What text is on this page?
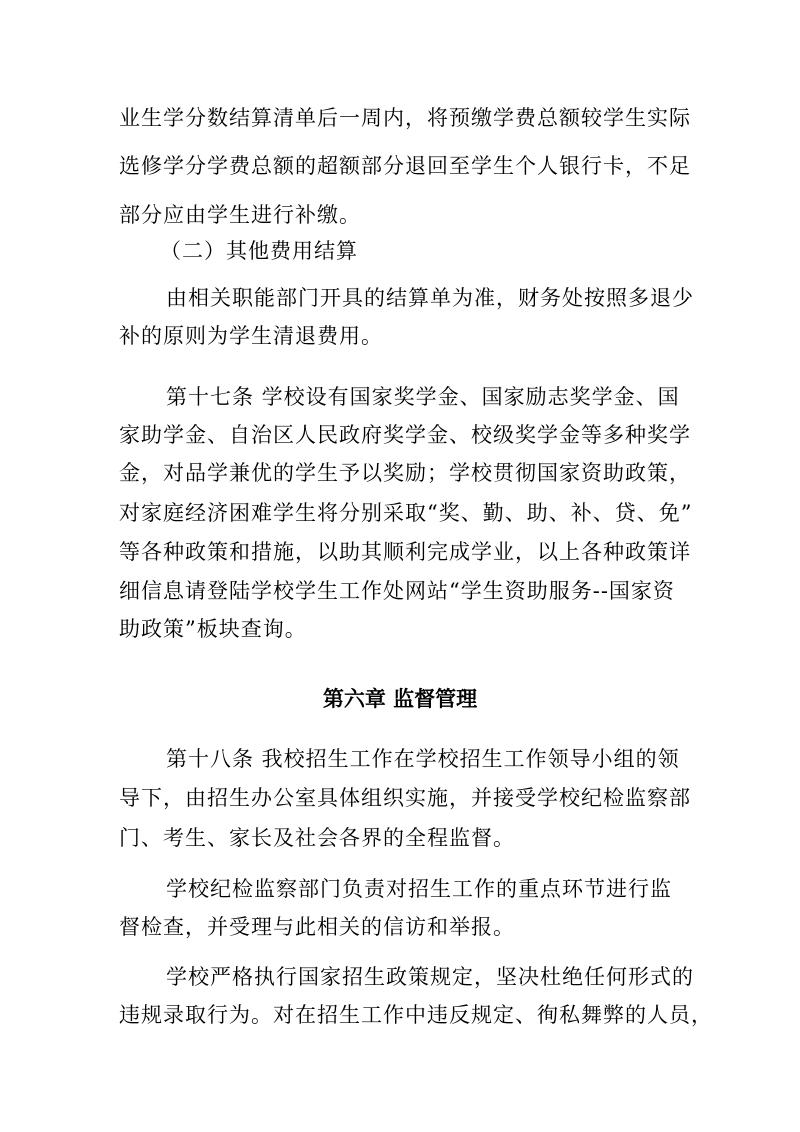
业生学分数结算清单后一周内，将预缴学费总额较学生实际
选修学分学费总额的超额部分退回至学生个人银行卡，不足
部分应由学生进行补缴。
（二）其他费用结算
由相关职能部门开具的结算单为准，财务处按照多退少
补的原则为学生清退费用。
第十七条 学校设有国家奖学金、国家励志奖学金、国
家助学金、自治区人民政府奖学金、校级奖学金等多种奖学
金，对品学兼优的学生予以奖励；学校贯彻国家资助政策，
对家庭经济困难学生将分别采取“奖、勤、助、补、贷、免”
等各种政策和措施，以助其顺利完成学业，以上各种政策详
细信息请登陆学校学生工作处网站“学生资助服务--国家资
助政策”板块查询。
第六章 监督管理
第十八条 我校招生工作在学校招生工作领导小组的领
导下，由招生办公室具体组织实施，并接受学校纪检监察部
门、考生、家长及社会各界的全程监督。
学校纪检监察部门负责对招生工作的重点环节进行监
督检查，并受理与此相关的信访和举报。
学校严格执行国家招生政策规定，坚决杜绝任何形式的
违规录取行为。对在招生工作中违反规定、徇私舞弊的人员，
